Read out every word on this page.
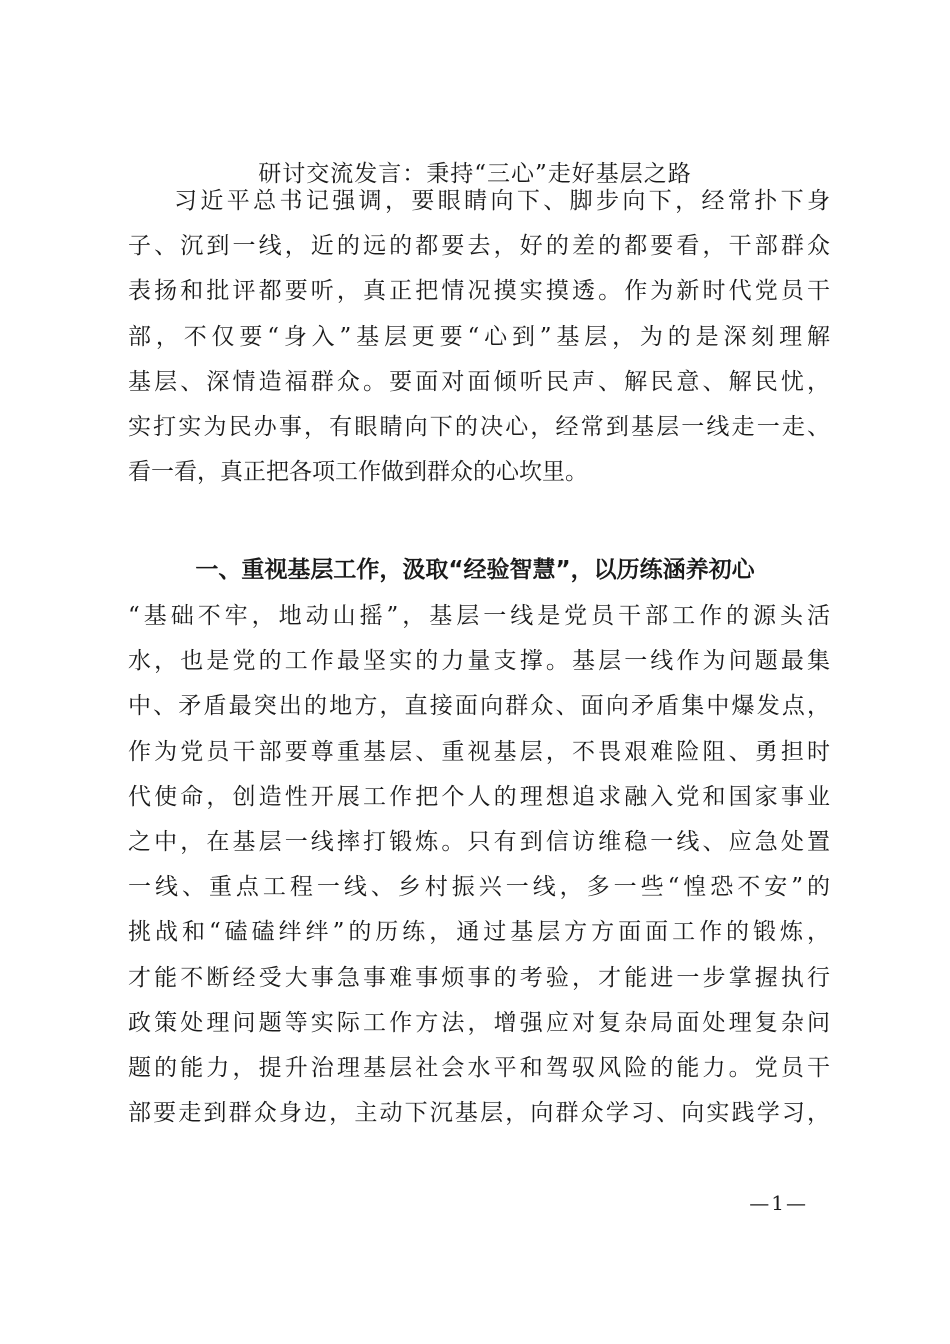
研讨交流发言：秉持“三心”走好基层之路
习近平总书记强调，要眼睛向下、脚步向下，经常扑下身
子、沉到一线，近的远的都要去，好的差的都要看，干部群众
表扬和批评都要听，真正把情况摸实摸透。作为新时代党员干
部，不仅要“身入”基层更要“心到”基层，为的是深刻理解
基层、深情造福群众。要面对面倾听民声、解民意、解民忧，
实打实为民办事，有眼睛向下的决心，经常到基层一线走一走、
看一看，真正把各项工作做到群众的心坎里。
一、重视基层工作，汲取“经验智慧”，以历练涵养初心
“基础不牢，地动山摇”，基层一线是党员干部工作的源头活
水，也是党的工作最坚实的力量支撑。基层一线作为问题最集
中、矛盾最突出的地方，直接面向群众、面向矛盾集中爆发点，
作为党员干部要尊重基层、重视基层，不畏艰难险阻、勇担时
代使命，创造性开展工作把个人的理想追求融入党和国家事业
之中，在基层一线摔打锻炼。只有到信访维稳一线、应急处置
一线、重点工程一线、乡村振兴一线，多一些“惶恐不安”的
挑战和“磕磕绊绊”的历练，通过基层方方面面工作的锻炼，
才能不断经受大事急事难事烦事的考验，才能进一步掌握执行
政策处理问题等实际工作方法，增强应对复杂局面处理复杂问
题的能力，提升治理基层社会水平和驾驭风险的能力。党员干
部要走到群众身边，主动下沉基层，向群众学习、向实践学习，
—1—
